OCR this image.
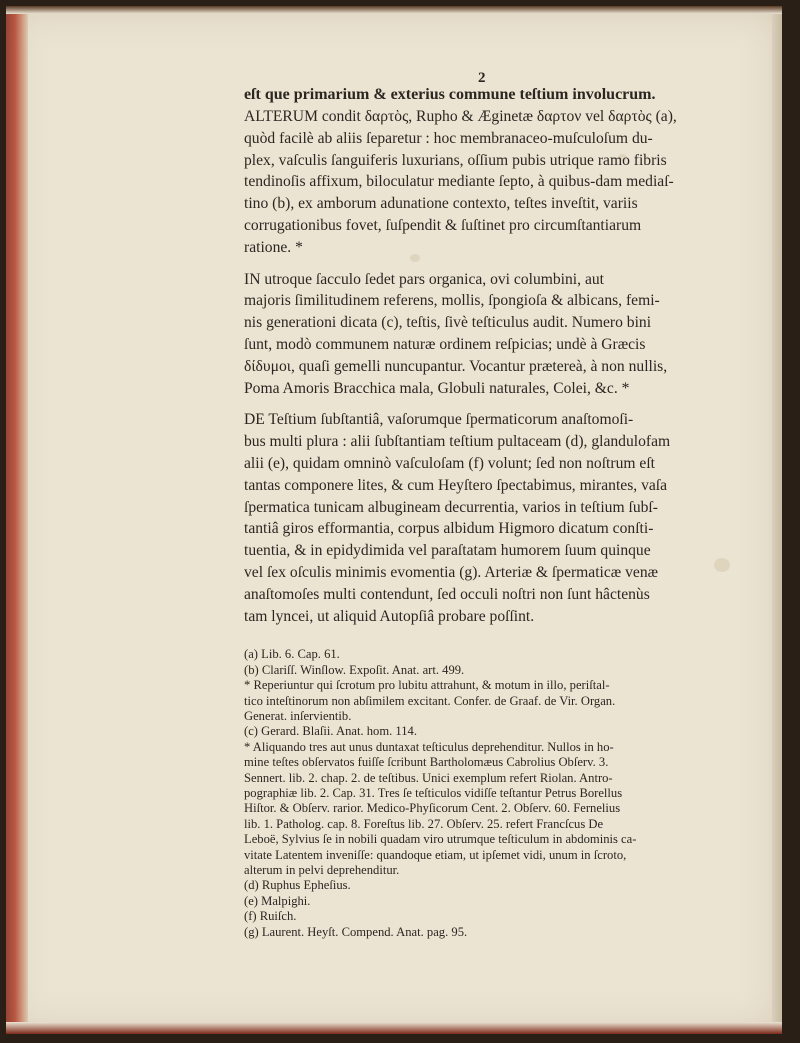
2
eſt que primarium & exterius commune teſtium involucrum.

ALTERUM condit δαρτὸς, Rupho & Æginetæ δαρτον vel δαρτὸς (a),

quòd facilè ab aliis ſeparetur : hoc membranaceo-muſculoſum du-

plex, vaſculis ſanguiferis luxurians, oſſium pubis utrique ramo fibris

tendinoſis affixum, biloculatur mediante ſepto, à quibus-dam mediaſ-

tino (b), ex amborum adunatione contexto, teſtes inveſtit, variis

corrugationibus fovet, ſuſpendit & ſuſtinet pro circumſtantiarum

ratione. *

IN utroque ſacculo ſedet pars organica, ovi columbini, aut

majoris ſimilitudinem referens, mollis, ſpongioſa & albicans, femi-

nis generationi dicata (c), teſtis, ſivè teſticulus audit. Numero bini

ſunt, modò communem naturæ ordinem reſpicias; undè à Græcis

δίδυμοι, quaſi gemelli nuncupantur. Vocantur prætereà, à non nullis,

Poma Amoris Bracchica mala, Globuli naturales, Colei, &c. *

DE Teſtium ſubſtantiâ, vaſorumque ſpermaticorum anaſtomoſi-

bus multi plura : alii ſubſtantiam teſtium pultaceam (d), glandulofam

alii (e), quidam omninò vaſculoſam (f) volunt; ſed non noſtrum eſt

tantas componere lites, & cum Heyſtero ſpectabimus, mirantes, vaſa

ſpermatica tunicam albugineam decurrentia, varios in teſtium ſubſ-

tantiâ giros efformantia, corpus albidum Higmoro dicatum conſti-

tuentia, & in epidydimida vel paraſtatam humorem ſuum quinque

vel ſex oſculis minimis evomentia (g). Arteriæ & ſpermaticæ venæ

anaſtomoſes multi contendunt, ſed occuli noſtri non ſunt hâctenùs

tam lyncei, ut aliquid Autopſiâ probare poſſint.

(a) Lib. 6. Cap. 61.
(b) Clariſſ. Winſlow. Expoſit. Anat. art. 499.
* Reperiuntur qui ſcrotum pro lubitu attrahunt, & motum in illo, periſtal-
tico inteſtinorum non abſimilem excitant. Confer. de Graaf. de Vir. Organ.
Generat. inſervientib.
(c) Gerard. Blaſii. Anat. hom. 114.
* Aliquando tres aut unus duntaxat teſticulus deprehenditur. Nullos in ho-
mine teſtes obſervatos fuiſſe ſcribunt Bartholomæus Cabrolius Obſerv. 3.
Sennert. lib. 2. chap. 2. de teſtibus. Unici exemplum refert Riolan. Antro-
pographiæ lib. 2. Cap. 31. Tres ſe teſticulos vidiſſe teſtantur Petrus Borellus
Hiſtor. & Obſerv. rarior. Medico-Phyſicorum Cent. 2. Obſerv. 60. Fernelius
lib. 1. Patholog. cap. 8. Foreſtus lib. 27. Obſerv. 25. refert Francſcus De
Leboë, Sylvius ſe in nobili quadam viro utrumque teſticulum in abdominis ca-
vitate Latentem inveniſſe: quandoque etiam, ut ipſemet vidi, unum in ſcroto,
alterum in pelvi deprehenditur.
(d) Ruphus Epheſius.
(e) Malpighi.
(f) Ruiſch.
(g) Laurent. Heyſt. Compend. Anat. pag. 95.
